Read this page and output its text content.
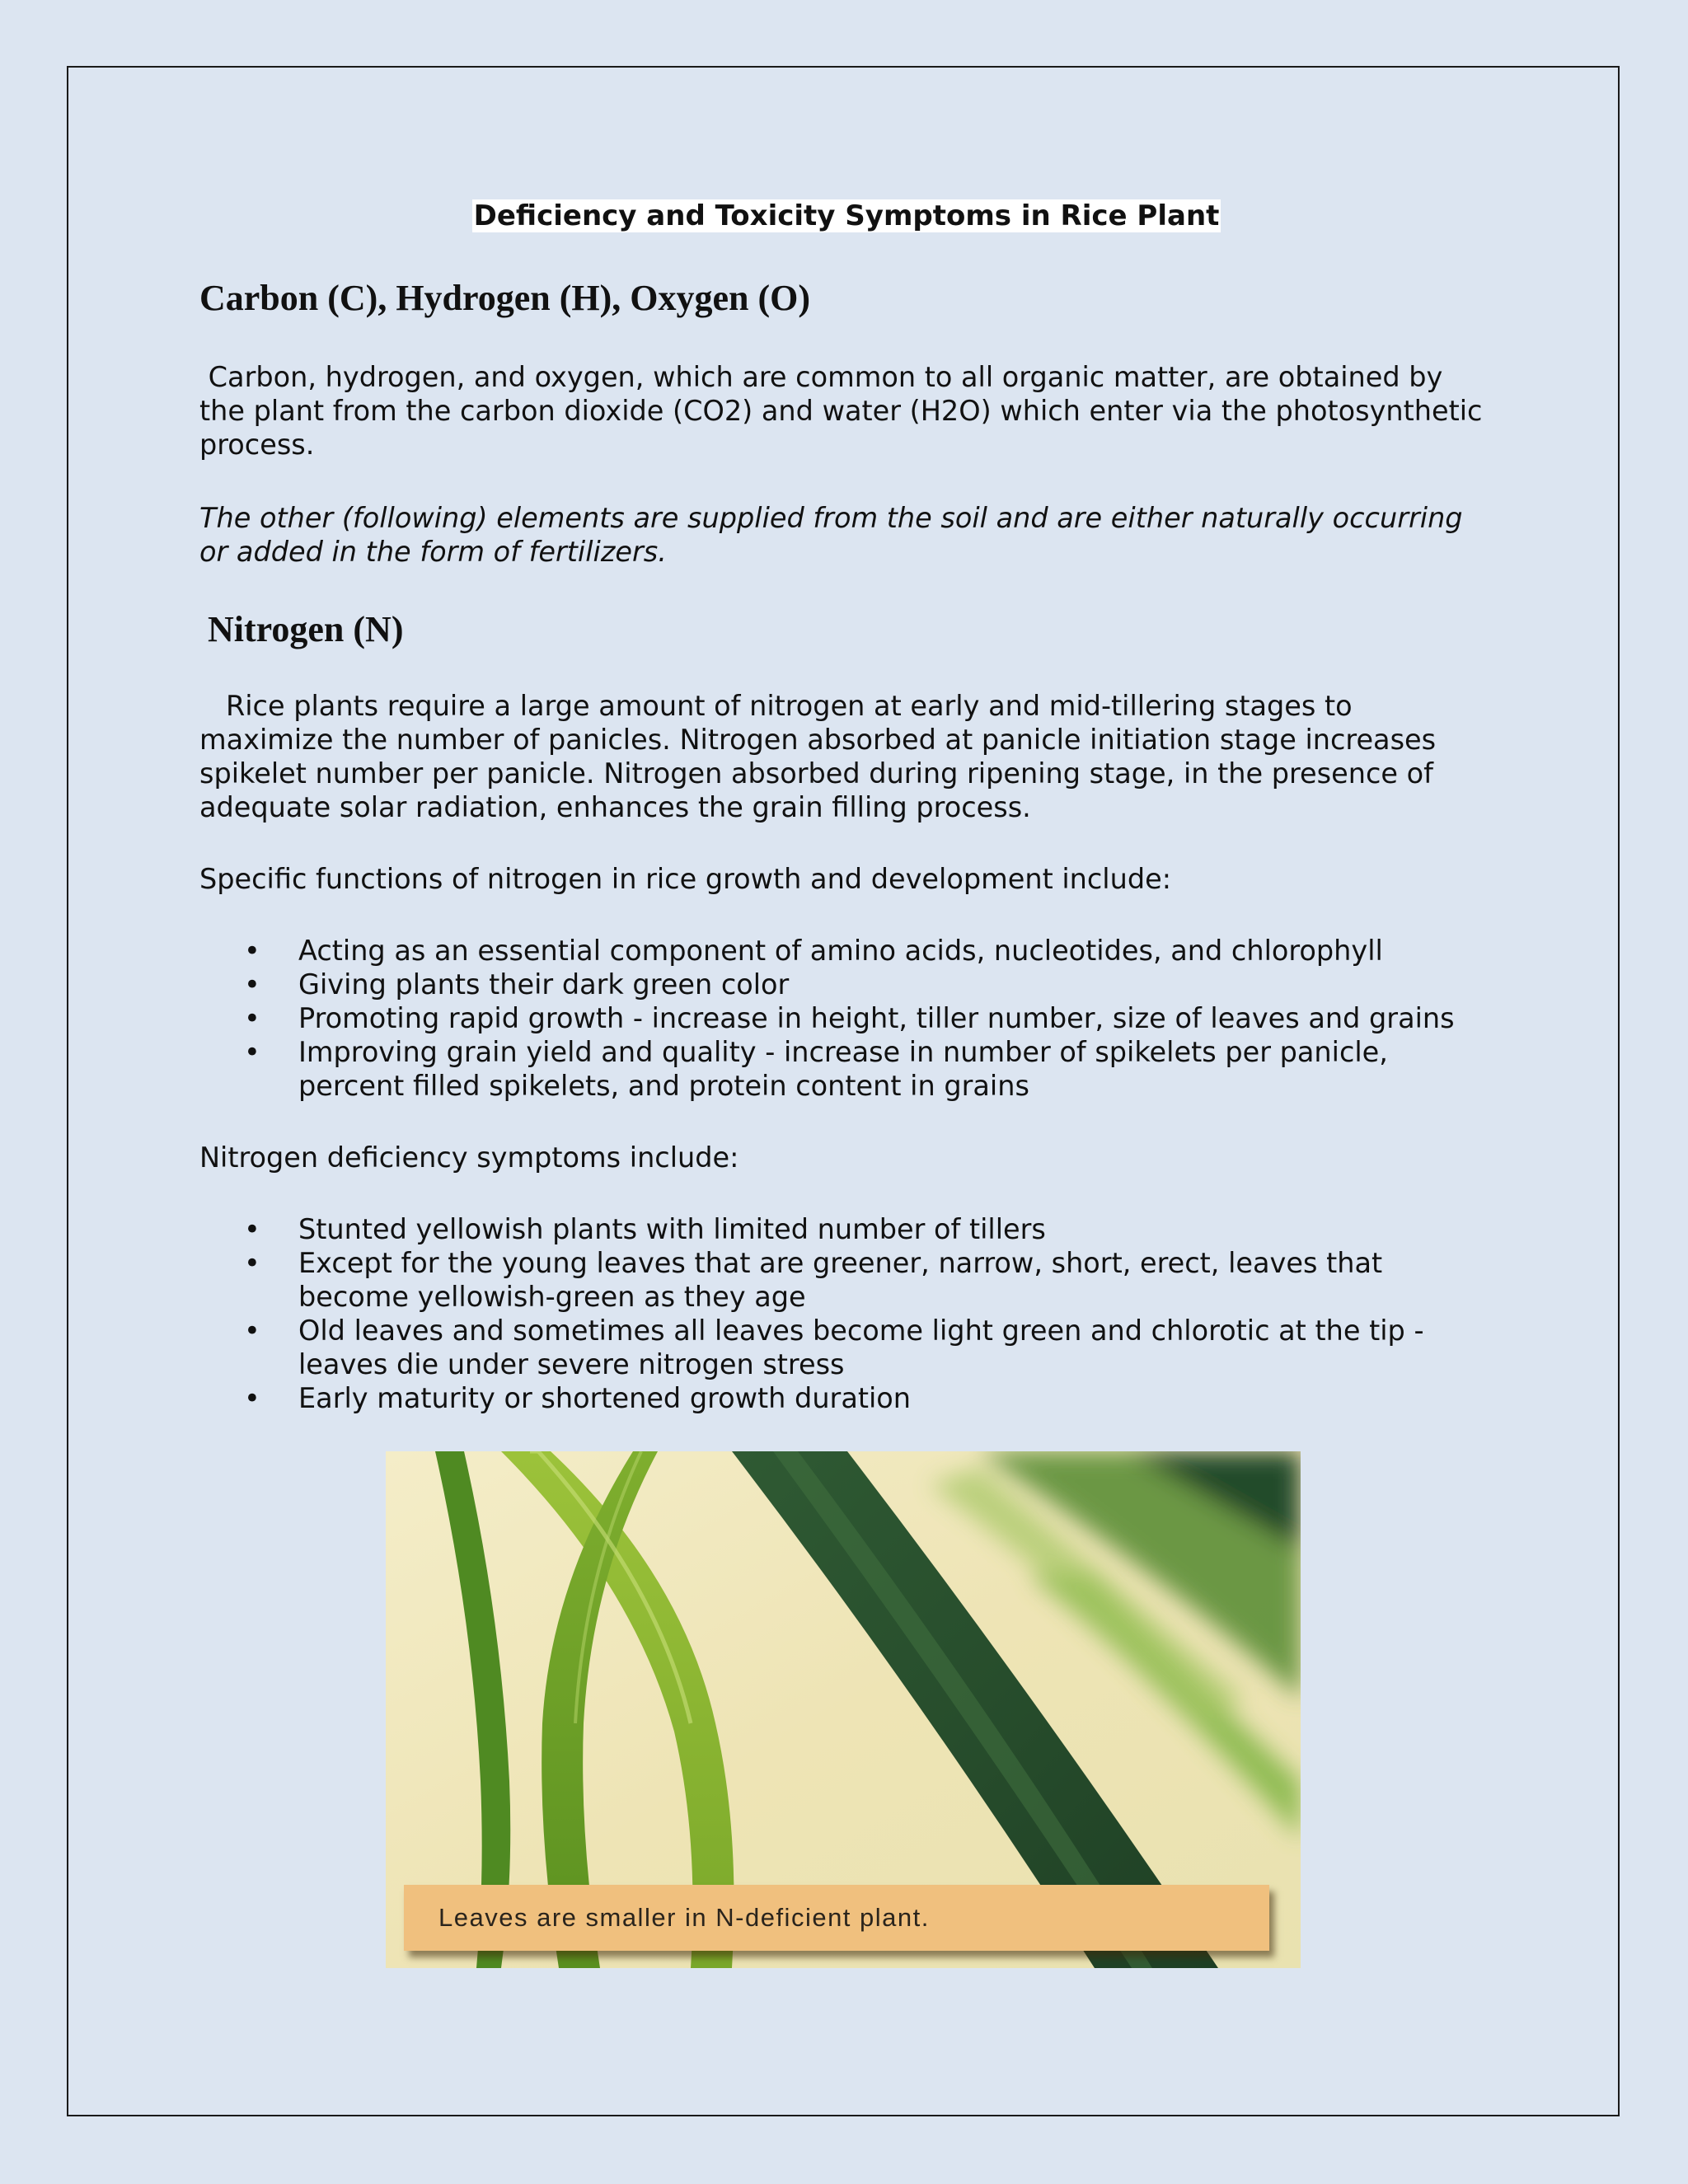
Deficiency and Toxicity Symptoms in Rice Plant
Carbon (C), Hydrogen (H), Oxygen (O)

Carbon, hydrogen, and oxygen, which are common to all organic matter, are obtained by the plant from the carbon dioxide (CO2) and water (H2O) which enter via the photosynthetic process.

The other (following) elements are supplied from the soil and are either naturally occurring or added in the form of fertilizers.

Nitrogen (N)

Rice plants require a large amount of nitrogen at early and mid-tillering stages to maximize the number of panicles. Nitrogen absorbed at panicle initiation stage increases spikelet number per panicle. Nitrogen absorbed during ripening stage, in the presence of adequate solar radiation, enhances the grain filling process.

Specific functions of nitrogen in rice growth and development include:

• Acting as an essential component of amino acids, nucleotides, and chlorophyll
• Giving plants their dark green color
• Promoting rapid growth - increase in height, tiller number, size of leaves and grains
• Improving grain yield and quality - increase in number of spikelets per panicle, percent filled spikelets, and protein content in grains

Nitrogen deficiency symptoms include:

• Stunted yellowish plants with limited number of tillers
• Except for the young leaves that are greener, narrow, short, erect, leaves that become yellowish-green as they age
• Old leaves and sometimes all leaves become light green and chlorotic at the tip - leaves die under severe nitrogen stress
• Early maturity or shortened growth duration
Leaves are smaller in N-deficient plant.
